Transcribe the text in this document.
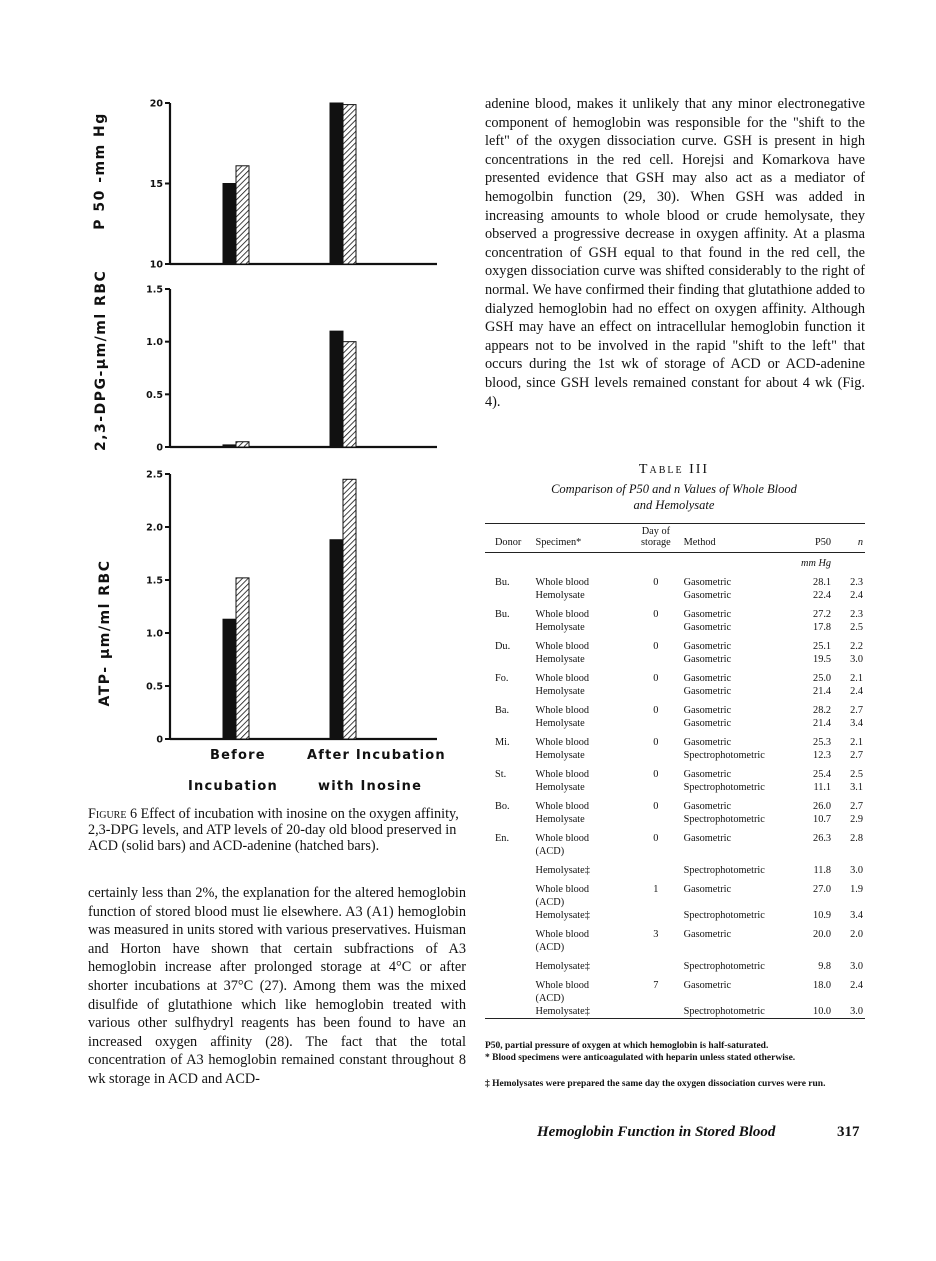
P 50 -mm Hg
2,3-DPG-µm/ml RBC
ATP- µm/ml RBC
20
15
10
1.5
1.0
0.5
0
2.5
2.0
1.5
1.0
0.5
0
Before	After Incubation
Incubation	with Inosine
Figure 6 Effect of incubation with inosine on the oxygen affinity, 2,3-DPG levels, and ATP levels of 20-day old blood preserved in ACD (solid bars) and ACD-adenine (hatched bars).
certainly less than 2%, the explanation for the altered hemoglobin function of stored blood must lie elsewhere. A3 (A1) hemoglobin was measured in units stored with various preservatives. Huisman and Horton have shown that certain subfractions of A3 hemoglobin increase after prolonged storage at 4°C or after shorter incubations at 37°C (27). Among them was the mixed disulfide of glutathione which like hemoglobin treated with various other sulfhydryl reagents has been found to have an increased oxygen affinity (28). The fact that the total concentration of A3 hemoglobin remained constant throughout 8 wk storage in ACD and ACD-
adenine blood, makes it unlikely that any minor electronegative component of hemoglobin was responsible for the "shift to the left" of the oxygen dissociation curve. GSH is present in high concentrations in the red cell. Horejsi and Komarkova have presented evidence that GSH may also act as a mediator of hemogolbin function (29, 30). When GSH was added in increasing amounts to whole blood or crude hemolysate, they observed a progressive decrease in oxygen affinity. At a plasma concentration of GSH equal to that found in the red cell, the oxygen dissociation curve was shifted considerably to the right of normal. We have confirmed their finding that glutathione added to dialyzed hemoglobin had no effect on oxygen affinity. Although GSH may have an effect on intracellular hemoglobin function it appears not to be involved in the rapid "shift to the left" that occurs during the 1st wk of storage of ACD or ACD-adenine blood, since GSH levels remained constant for about 4 wk (Fig. 4).
Table III
Comparison of P50 and n Values of Whole Blood
and Hemolysate
Donor	Specimen*	Day of storage	Method	P50	n
				mm Hg	
Bu.	Whole blood	0	Gasometric	28.1	2.3
	Hemolysate		Gasometric	22.4	2.4
Bu.	Whole blood	0	Gasometric	27.2	2.3
	Hemolysate		Gasometric	17.8	2.5
Du.	Whole blood	0	Gasometric	25.1	2.2
	Hemolysate		Gasometric	19.5	3.0
Fo.	Whole blood	0	Gasometric	25.0	2.1
	Hemolysate		Gasometric	21.4	2.4
Ba.	Whole blood	0	Gasometric	28.2	2.7
	Hemolysate		Gasometric	21.4	3.4
Mi.	Whole blood	0	Gasometric	25.3	2.1
	Hemolysate		Spectrophotometric	12.3	2.7
St.	Whole blood	0	Gasometric	25.4	2.5
	Hemolysate		Spectrophotometric	11.1	3.1
Bo.	Whole blood	0	Gasometric	26.0	2.7
	Hemolysate		Spectrophotometric	10.7	2.9
En.	Whole blood	0	Gasometric	26.3	2.8
	(ACD)				
	Hemolysate‡		Spectrophotometric	11.8	3.0
	Whole blood	1	Gasometric	27.0	1.9
	(ACD)				
	Hemolysate‡		Spectrophotometric	10.9	3.4
	Whole blood	3	Gasometric	20.0	2.0
	(ACD)				
	Hemolysate‡		Spectrophotometric	9.8	3.0
	Whole blood	7	Gasometric	18.0	2.4
	(ACD)				
	Hemolysate‡		Spectrophotometric	10.0	3.0
P50, partial pressure of oxygen at which hemoglobin is half-saturated.
* Blood specimens were anticoagulated with heparin unless stated otherwise.
‡ Hemolysates were prepared the same day the oxygen dissociation curves were run.
Hemoglobin Function in Stored Blood	317
